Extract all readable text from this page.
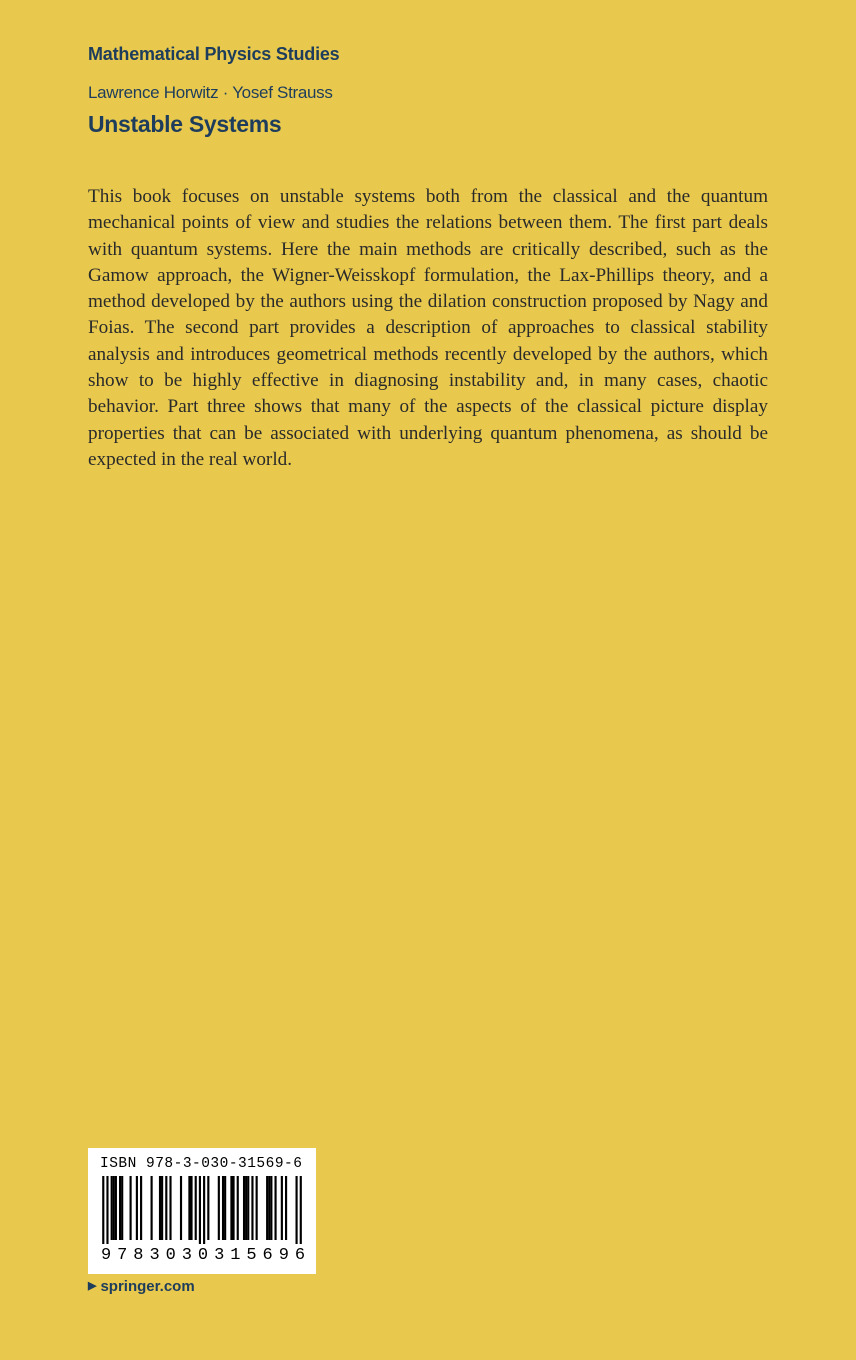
Mathematical Physics Studies
Lawrence Horwitz · Yosef Strauss
Unstable Systems

This book focuses on unstable systems both from the classical and the quantum mechanical points of view and studies the relations between them. The first part deals with quantum systems. Here the main methods are critically described, such as the Gamow approach, the Wigner-Weisskopf formulation, the Lax-Phillips theory, and a method developed by the authors using the dilation construction proposed by Nagy and Foias. The second part provides a description of approaches to classical stability analysis and introduces geometrical methods recently developed by the authors, which show to be highly effective in diagnosing instability and, in many cases, chaotic behavior. Part three shows that many of the aspects of the classical picture display properties that can be associated with underlying quantum phenomena, as should be expected in the real world.

ISBN 978-3-030-31569-6
9 7 8 3 0 3 0 3 1 5 6 9 6
▶ springer.com
